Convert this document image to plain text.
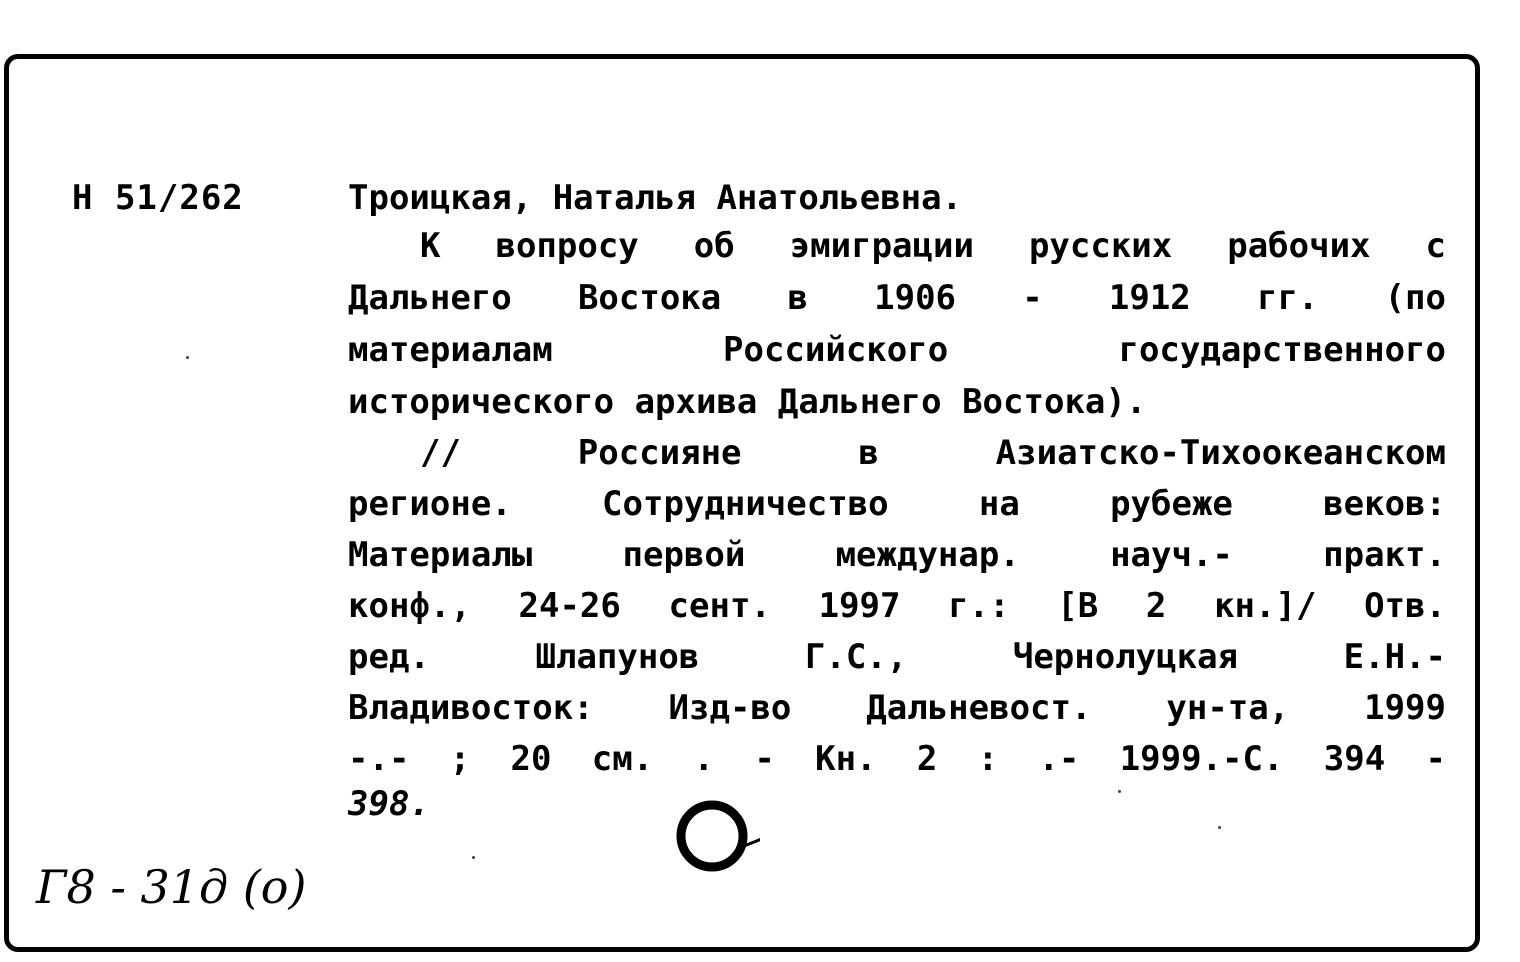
Н 51/262	Троицкая, Наталья Анатольевна.
К вопросу об эмиграции русских рабочих с
Дальнего Востока в 1906 - 1912 гг. (по
материалам Российского государственного
исторического архива Дальнего Востока).
// Россияне в Азиатско-Тихоокеанском
регионе. Сотрудничество на рубеже веков:
Материалы первой междунар. науч.- практ.
конф., 24-26 сент. 1997 г.: [В 2 кн.]/ Отв.
ред. Шлапунов Г.С., Чернолуцкая Е.Н.-
Владивосток: Изд-во Дальневост. ун-та, 1999
-.- ; 20 см. . - Кн. 2 : .- 1999.-С. 394 -
398.
Г8 - 31д (о)
